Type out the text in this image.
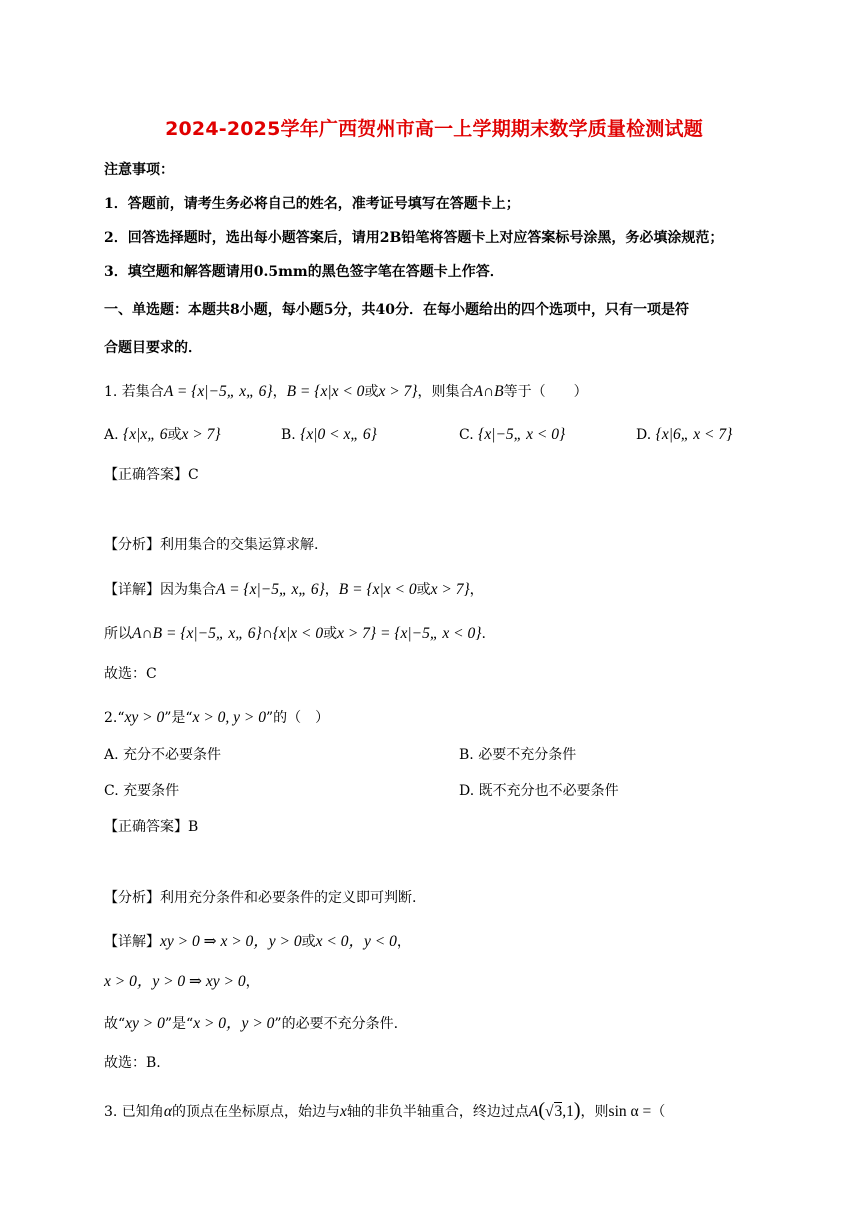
2024-2025学年广西贺州市高一上学期期末数学质量检测试题
注意事项：
1．答题前，请考生务必将自己的姓名，准考证号填写在答题卡上；
2．回答选择题时，选出每小题答案后，请用2B铅笔将答题卡上对应答案标号涂黑，务必填涂规范；
3．填空题和解答题请用0.5mm的黑色签字笔在答题卡上作答．
一、单选题：本题共8小题，每小题5分，共40分．在每小题给出的四个选项中，只有一项是符
合题目要求的．
1. 若集合A = {x|−5„ x„ 6}，B = {x|x < 0或x > 7}，则集合A∩B等于（　　）
A. {x|x„ 6或x > 7}	B. {x|0 < x„ 6}	C. {x|−5„ x < 0}	D. {x|6„ x < 7}
【正确答案】C
【分析】利用集合的交集运算求解.
【详解】因为集合A = {x|−5„ x„ 6}，B = {x|x < 0或x > 7}，
所以A∩B = {x|−5„ x„ 6}∩{x|x < 0或x > 7} = {x|−5„ x < 0}.
故选：C
2.“xy > 0”是“x > 0, y > 0”的（　）
A. 充分不必要条件	B. 必要不充分条件
C. 充要条件	D. 既不充分也不必要条件
【正确答案】B
【分析】利用充分条件和必要条件的定义即可判断.
【详解】xy > 0 ⇒ x > 0，y > 0或x < 0，y < 0，
x > 0，y > 0 ⇒ xy > 0，
故“xy > 0”是“x > 0，y > 0”的必要不充分条件.
故选：B.
3. 已知角α的顶点在坐标原点，始边与x轴的非负半轴重合，终边过点A(√3,1)，则sin α =（
